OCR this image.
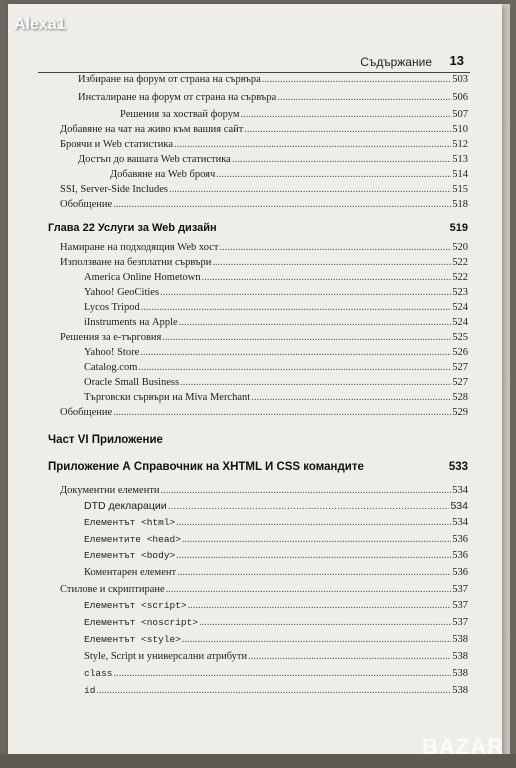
Съдържание 13
Избиране на форум от страна на сървъра .....	503
Инсталиране на форум от страна на сървъра .....	506
Решения за хоствай форум .....	507
Добавяне на чат на живо към вашия сайт .....	510
Броячи и Web статистика .....	512
Достъп до вашата Web статистика .....	513
Добавяне на Web брояч .....	514
SSI, Server-Side Includes .....	515
Обобщение .....	518
Глава 22 Услуги за Web дизайн	519
Намиране на подходящия Web хост .....	520
Използване на безплатни сървъри .....	522
America Online Hometown .....	522
Yahoo! GeoCities .....	523
Lycos Tripod .....	524
iInstruments на Apple .....	524
Решения за е-търговия .....	525
Yahoo! Store .....	526
Catalog.com .....	527
Oracle Small Business .....	527
Търговски сървъри на Miva Merchant .....	528
Обобщение .....	529
Част VI Приложение
Приложение А Справочник на XHTML И CSS командите	533
Документни елементи .....	534
DTD декларации .....	534
Елементът <html> .....	534
Елементите <head> .....	536
Елементът <body> .....	536
Коментарен елемент .....	536
Стилове и скриптиране .....	537
Елементът <script> .....	537
Елементът <noscript> .....	537
Елементът <style> .....	538
Style, Script и универсални атрибути .....	538
class .....	538
id .....	538
Alexa1
BAZAR
